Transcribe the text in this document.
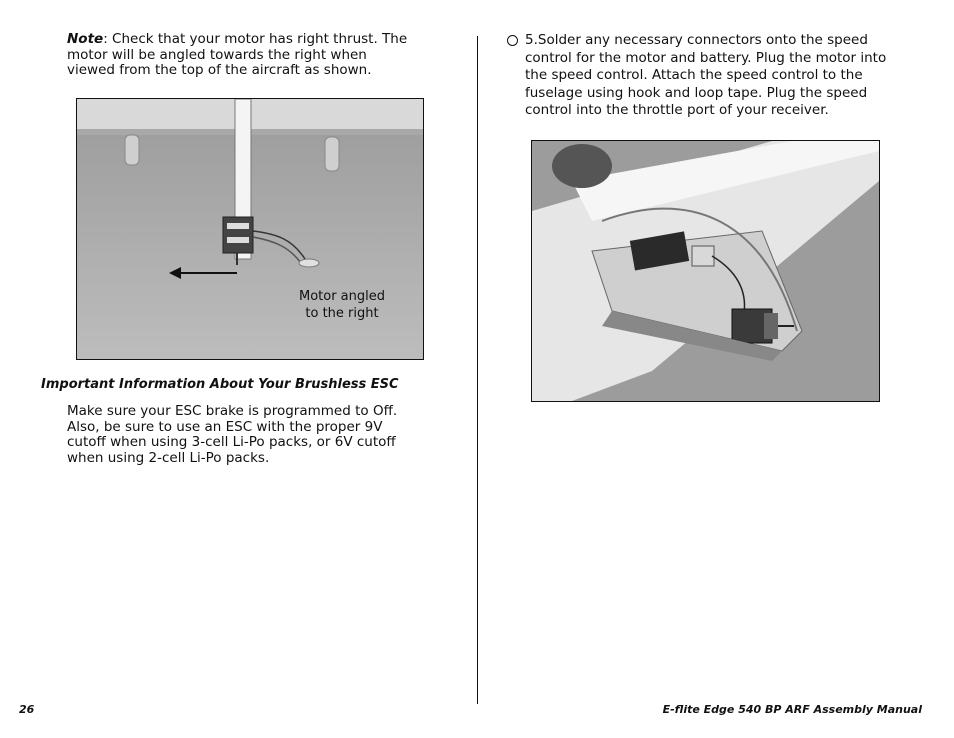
Note: Check that your motor has right thrust. The motor will be angled towards the right when viewed from the top of the aircraft as shown.
Motor angled
to the right
Important Information About Your Brushless ESC
Make sure your ESC brake is programmed to Off. Also, be sure to use an ESC with the proper 9V cutoff when using 3-cell Li-Po packs, or 6V cutoff when using 2-cell Li-Po packs.
5.Solder any necessary connectors onto the speed control for the motor and battery. Plug the motor into the speed control. Attach the speed control to the fuselage using hook and loop tape. Plug the speed control into the throttle port of your receiver.
26	E-flite Edge 540 BP ARF Assembly Manual
